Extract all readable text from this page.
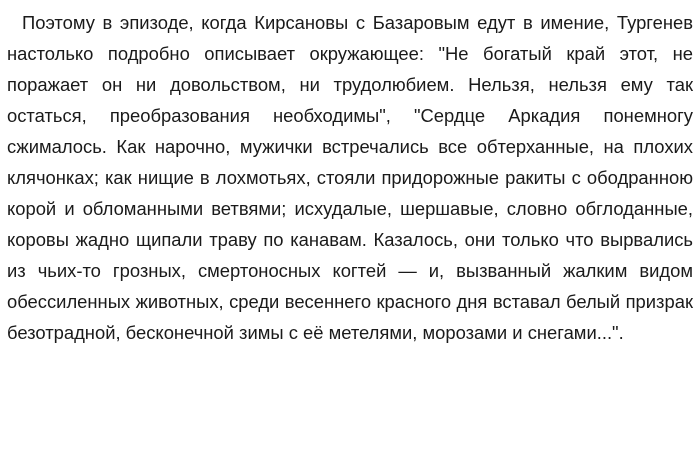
Поэтому в эпизоде, когда Кирсановы с Базаровым едут в имение, Тургенев настолько подробно описывает окружающее: "Не богатый край этот, не поражает он ни довольством, ни трудолюбием. Нельзя, нельзя ему так остаться, преобразования необходимы", "Сердце Аркадия понемногу сжималось. Как нарочно, мужички встречались все обтерханные, на плохих клячонках; как нищие в лохмотьях, стояли придорожные ракиты с ободранною корой и обломанными ветвями; исхудалые, шершавые, словно обглоданные, коровы жадно щипали траву по канавам. Казалось, они только что вырвались из чьих-то грозных, смертоносных когтей — и, вызванный жалким видом обессиленных животных, среди весеннего красного дня вставал белый призрак безотрадной, бесконечной зимы с её метелями, морозами и снегами...".
